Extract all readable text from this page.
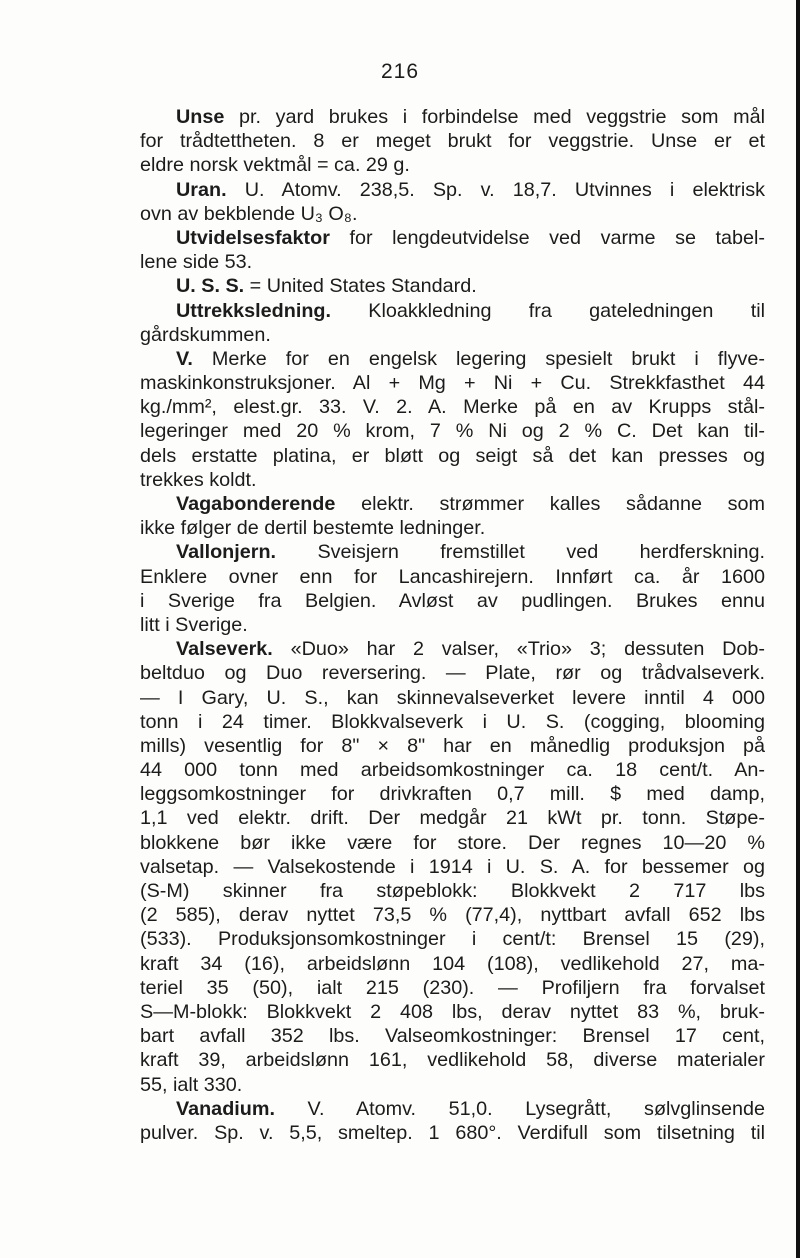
216
Unse pr. yard brukes i forbindelse med veggstrie som mål
for trådtettheten. 8 er meget brukt for veggstrie. Unse er et
eldre norsk vektmål = ca. 29 g.
Uran. U. Atomv. 238,5. Sp. v. 18,7. Utvinnes i elektrisk
ovn av bekblende U₃ O₈.
Utvidelsesfaktor for lengdeutvidelse ved varme se tabel-
lene side 53.
U. S. S. = United States Standard.
Uttrekksledning. Kloakkledning fra gateledningen til
gårdskummen.
V. Merke for en engelsk legering spesielt brukt i flyve-
maskinkonstruksjoner. Al + Mg + Ni + Cu. Strekkfasthet 44
kg./mm², elest.gr. 33. V. 2. A. Merke på en av Krupps stål-
legeringer med 20 % krom, 7 % Ni og 2 % C. Det kan til-
dels erstatte platina, er bløtt og seigt så det kan presses og
trekkes koldt.
Vagabonderende elektr. strømmer kalles sådanne som
ikke følger de dertil bestemte ledninger.
Vallonjern. Sveisjern fremstillet ved herdferskning.
Enklere ovner enn for Lancashirejern. Innført ca. år 1600
i Sverige fra Belgien. Avløst av pudlingen. Brukes ennu
litt i Sverige.
Valseverk. «Duo» har 2 valser, «Trio» 3; dessuten Dob-
beltduo og Duo reversering. — Plate, rør og trådvalseverk.
— I Gary, U. S., kan skinnevalseverket levere inntil 4 000
tonn i 24 timer. Blokkvalseverk i U. S. (cogging, blooming
mills) vesentlig for 8" × 8" har en månedlig produksjon på
44 000 tonn med arbeidsomkostninger ca. 18 cent/t. An-
leggsomkostninger for drivkraften 0,7 mill. $ med damp,
1,1 ved elektr. drift. Der medgår 21 kWt pr. tonn. Støpe-
blokkene bør ikke være for store. Der regnes 10—20 %
valsetap. — Valsekostende i 1914 i U. S. A. for bessemer og
(S-M) skinner fra støpeblokk: Blokkvekt 2 717 lbs
(2 585), derav nyttet 73,5 % (77,4), nyttbart avfall 652 lbs
(533). Produksjonsomkostninger i cent/t: Brensel 15 (29),
kraft 34 (16), arbeidslønn 104 (108), vedlikehold 27, ma-
teriel 35 (50), ialt 215 (230). — Profiljern fra forvalset
S—M-blokk: Blokkvekt 2 408 lbs, derav nyttet 83 %, bruk-
bart avfall 352 lbs. Valseomkostninger: Brensel 17 cent,
kraft 39, arbeidslønn 161, vedlikehold 58, diverse materialer
55, ialt 330.
Vanadium. V. Atomv. 51,0. Lysegrått, sølvglinsende
pulver. Sp. v. 5,5, smeltep. 1 680°. Verdifull som tilsetning til
